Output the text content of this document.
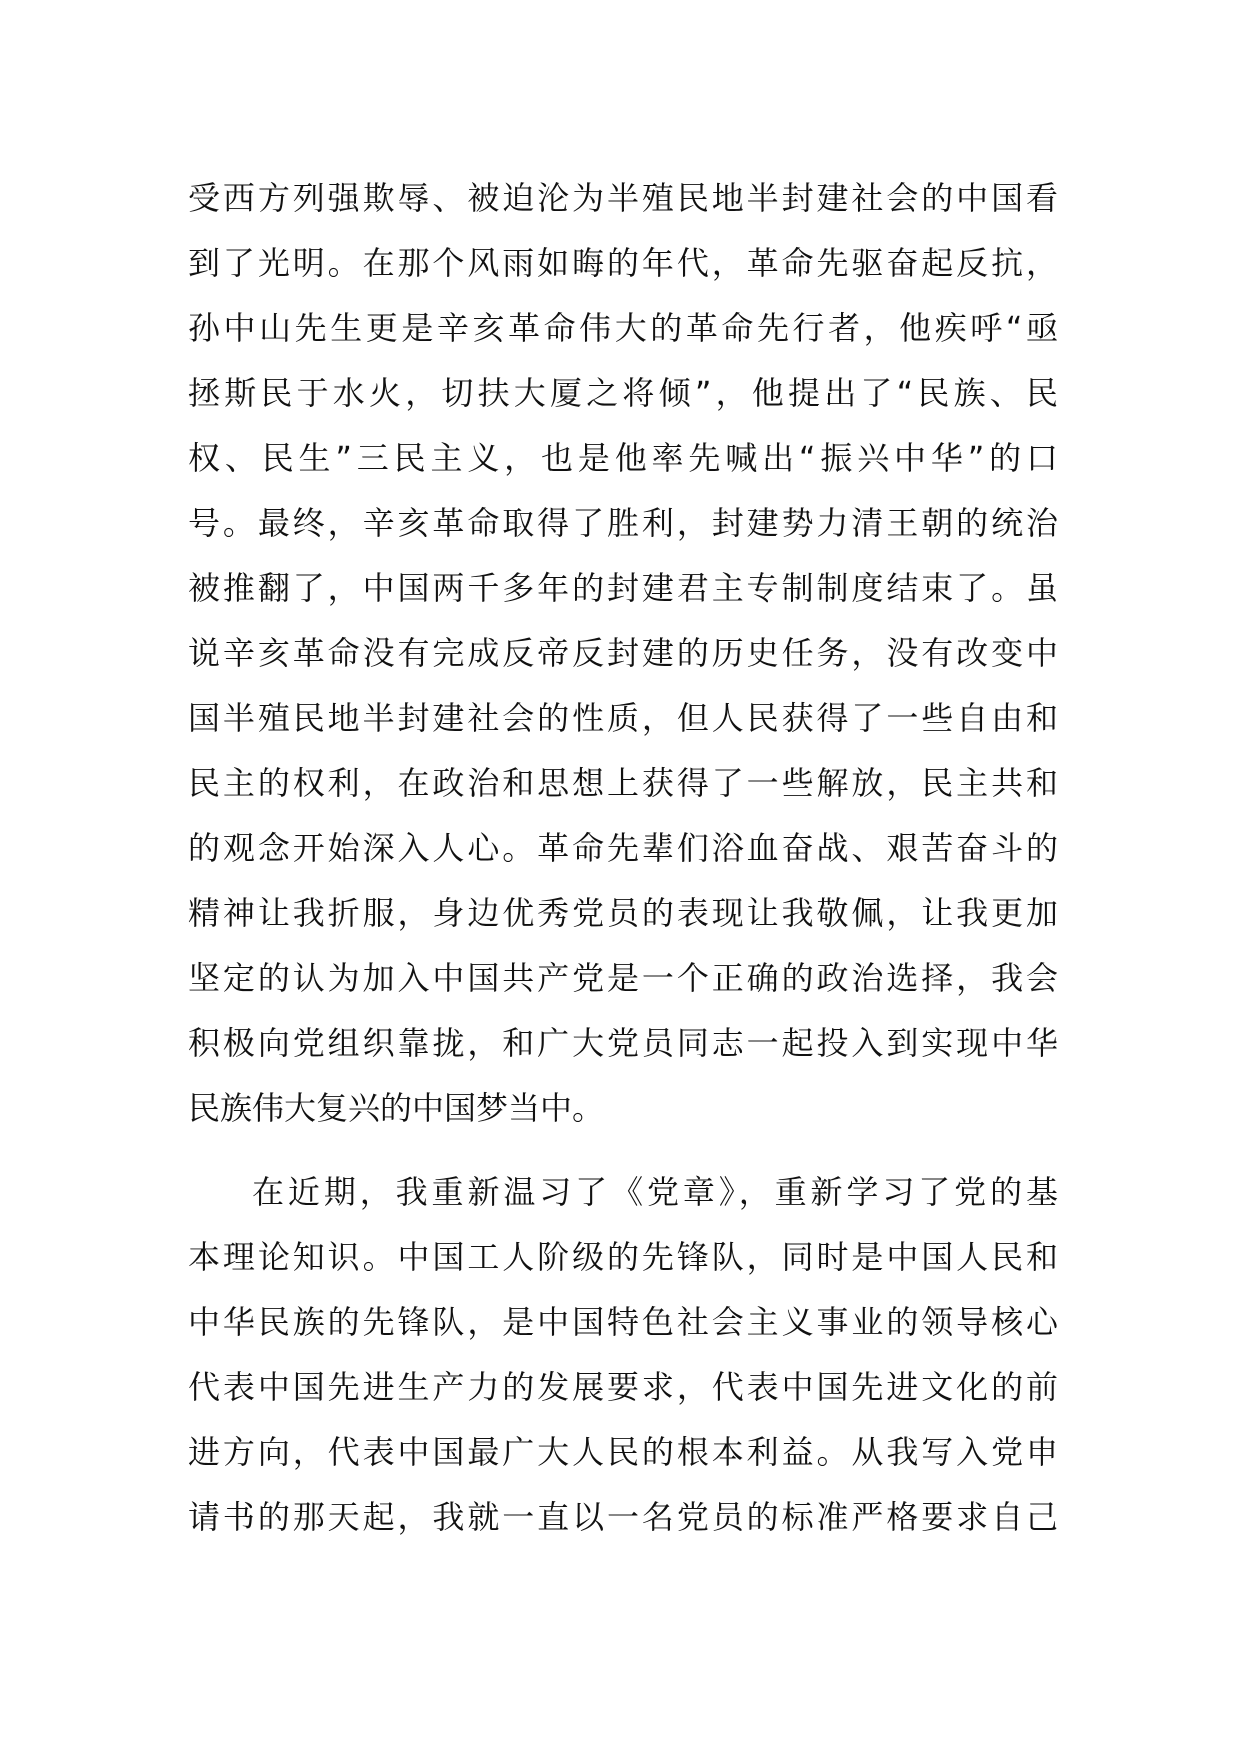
受西方列强欺辱、被迫沦为半殖民地半封建社会的中国看
到了光明。在那个风雨如晦的年代，革命先驱奋起反抗，
孙中山先生更是辛亥革命伟大的革命先行者，他疾呼“亟
拯斯民于水火，切扶大厦之将倾”，他提出了“民族、民
权、民生”三民主义，也是他率先喊出“振兴中华”的口
号。最终，辛亥革命取得了胜利，封建势力清王朝的统治
被推翻了，中国两千多年的封建君主专制制度结束了。虽
说辛亥革命没有完成反帝反封建的历史任务，没有改变中
国半殖民地半封建社会的性质，但人民获得了一些自由和
民主的权利，在政治和思想上获得了一些解放，民主共和
的观念开始深入人心。革命先辈们浴血奋战、艰苦奋斗的
精神让我折服，身边优秀党员的表现让我敬佩，让我更加
坚定的认为加入中国共产党是一个正确的政治选择，我会
积极向党组织靠拢，和广大党员同志一起投入到实现中华
民族伟大复兴的中国梦当中。
在近期，我重新温习了《党章》，重新学习了党的基
本理论知识。中国工人阶级的先锋队，同时是中国人民和
中华民族的先锋队，是中国特色社会主义事业的领导核心
代表中国先进生产力的发展要求，代表中国先进文化的前
进方向，代表中国最广大人民的根本利益。从我写入党申
请书的那天起，我就一直以一名党员的标准严格要求自己
